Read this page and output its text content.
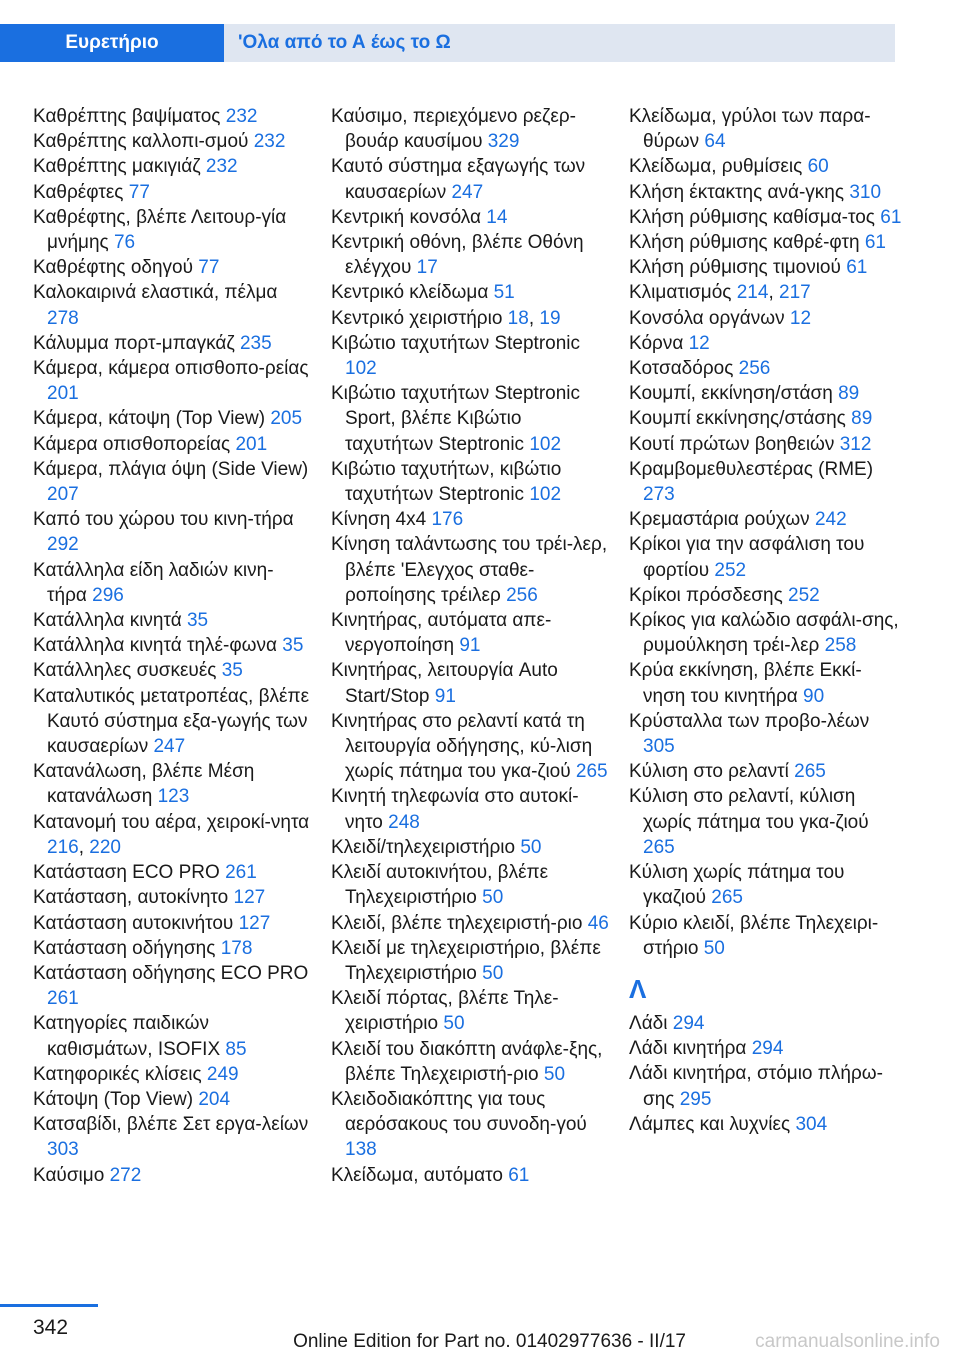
Ευρετήριο	'Ολα από το Α έως το Ω
Καθρέπτης βαψίματος 232
Καθρέπτης καλλοπι-σμού 232
Καθρέπτης μακιγιάζ 232
Καθρέφτες 77
Καθρέφτης, βλέπε Λειτουρ-γία μνήμης 76
Καθρέφτης οδηγού 77
Καλοκαιρινά ελαστικά, πέλμα 278
Κάλυμμα πορτ-μπαγκάζ 235
Κάμερα, κάμερα οπισθοπο-ρείας 201
Κάμερα, κάτοψη (Top View) 205
Κάμερα οπισθοπορείας 201
Κάμερα, πλάγια όψη (Side View) 207
Καπό του χώρου του κινη-τήρα 292
Κατάλληλα είδη λαδιών κινη-τήρα 296
Κατάλληλα κινητά 35
Κατάλληλα κινητά τηλέ-φωνα 35
Κατάλληλες συσκευές 35
Καταλυτικός μετατροπέας, βλέπε Καυτό σύστημα εξα-γωγής των καυσαερίων 247
Κατανάλωση, βλέπε Μέση κατανάλωση 123
Κατανομή του αέρα, χειροκί-νητα 216, 220
Κατάσταση ECO PRO 261
Κατάσταση, αυτοκίνητο 127
Κατάσταση αυτοκινήτου 127
Κατάσταση οδήγησης 178
Κατάσταση οδήγησης ECO PRO 261
Κατηγορίες παιδικών καθισμάτων, ISOFIX 85
Κατηφορικές κλίσεις 249
Κάτοψη (Top View) 204
Κατσαβίδι, βλέπε Σετ εργα-λείων 303
Καύσιμο 272
Καύσιμο, περιεχόμενο ρεζερ-βουάρ καυσίμου 329
Καυτό σύστημα εξαγωγής των καυσαερίων 247
Κεντρική κονσόλα 14
Κεντρική οθόνη, βλέπε Οθόνη ελέγχου 17
Κεντρικό κλείδωμα 51
Κεντρικό χειριστήριο 18, 19
Κιβώτιο ταχυτήτων Steptronic 102
Κιβώτιο ταχυτήτων Steptronic Sport, βλέπε Κιβώτιο ταχυτήτων Steptronic 102
Κιβώτιο ταχυτήτων, κιβώτιο ταχυτήτων Steptronic 102
Κίνηση 4x4 176
Κίνηση ταλάντωσης του τρέι-λερ, βλέπε 'Ελεγχος σταθε-ροποίησης τρέιλερ 256
Κινητήρας, αυτόματα απε-νεργοποίηση 91
Κινητήρας, λειτουργία Auto Start/Stop 91
Κινητήρας στο ρελαντί κατά τη λειτουργία οδήγησης, κύ-λιση χωρίς πάτημα του γκα-ζιού 265
Κινητή τηλεφωνία στο αυτοκί-νητο 248
Κλειδί/τηλεχειριστήριο 50
Κλειδί αυτοκινήτου, βλέπε Τηλεχειριστήριο 50
Κλειδί, βλέπε τηλεχειριστή-ριο 46
Κλειδί με τηλεχειριστήριο, βλέπε Τηλεχειριστήριο 50
Κλειδί πόρτας, βλέπε Τηλε-χειριστήριο 50
Κλειδί του διακόπτη ανάφλε-ξης, βλέπε Τηλεχειριστή-ριο 50
Κλειδοδιακόπτης για τους αερόσακους του συνοδη-γού 138
Κλείδωμα, αυτόματο 61
Κλείδωμα, γρύλοι των παρα-θύρων 64
Κλείδωμα, ρυθμίσεις 60
Κλήση έκτακτης ανά-γκης 310
Κλήση ρύθμισης καθίσμα-τος 61
Κλήση ρύθμισης καθρέ-φτη 61
Κλήση ρύθμισης τιμονιού 61
Κλιματισμός 214, 217
Κονσόλα οργάνων 12
Κόρνα 12
Κοτσαδόρος 256
Κουμπί, εκκίνηση/στάση 89
Κουμπί εκκίνησης/στάσης 89
Κουτί πρώτων βοηθειών 312
Κραμβομεθυλεστέρας (RME) 273
Κρεμαστάρια ρούχων 242
Κρίκοι για την ασφάλιση του φορτίου 252
Κρίκοι πρόσδεσης 252
Κρίκος για καλώδιο ασφάλι-σης, ρυμούλκηση τρέι-λερ 258
Κρύα εκκίνηση, βλέπε Εκκί-νηση του κινητήρα 90
Κρύσταλλα των προβο-λέων 305
Κύλιση στο ρελαντί 265
Κύλιση στο ρελαντί, κύλιση χωρίς πάτημα του γκα-ζιού 265
Κύλιση χωρίς πάτημα του γκαζιού 265
Κύριο κλειδί, βλέπε Τηλεχειρι-στήριο 50
Λ
Λάδι 294
Λάδι κινητήρα 294
Λάδι κινητήρα, στόμιο πλήρω-σης 295
Λάμπες και λυχνίες 304
342
Online Edition for Part no. 01402977636 - II/17	carmanualsonline.info
